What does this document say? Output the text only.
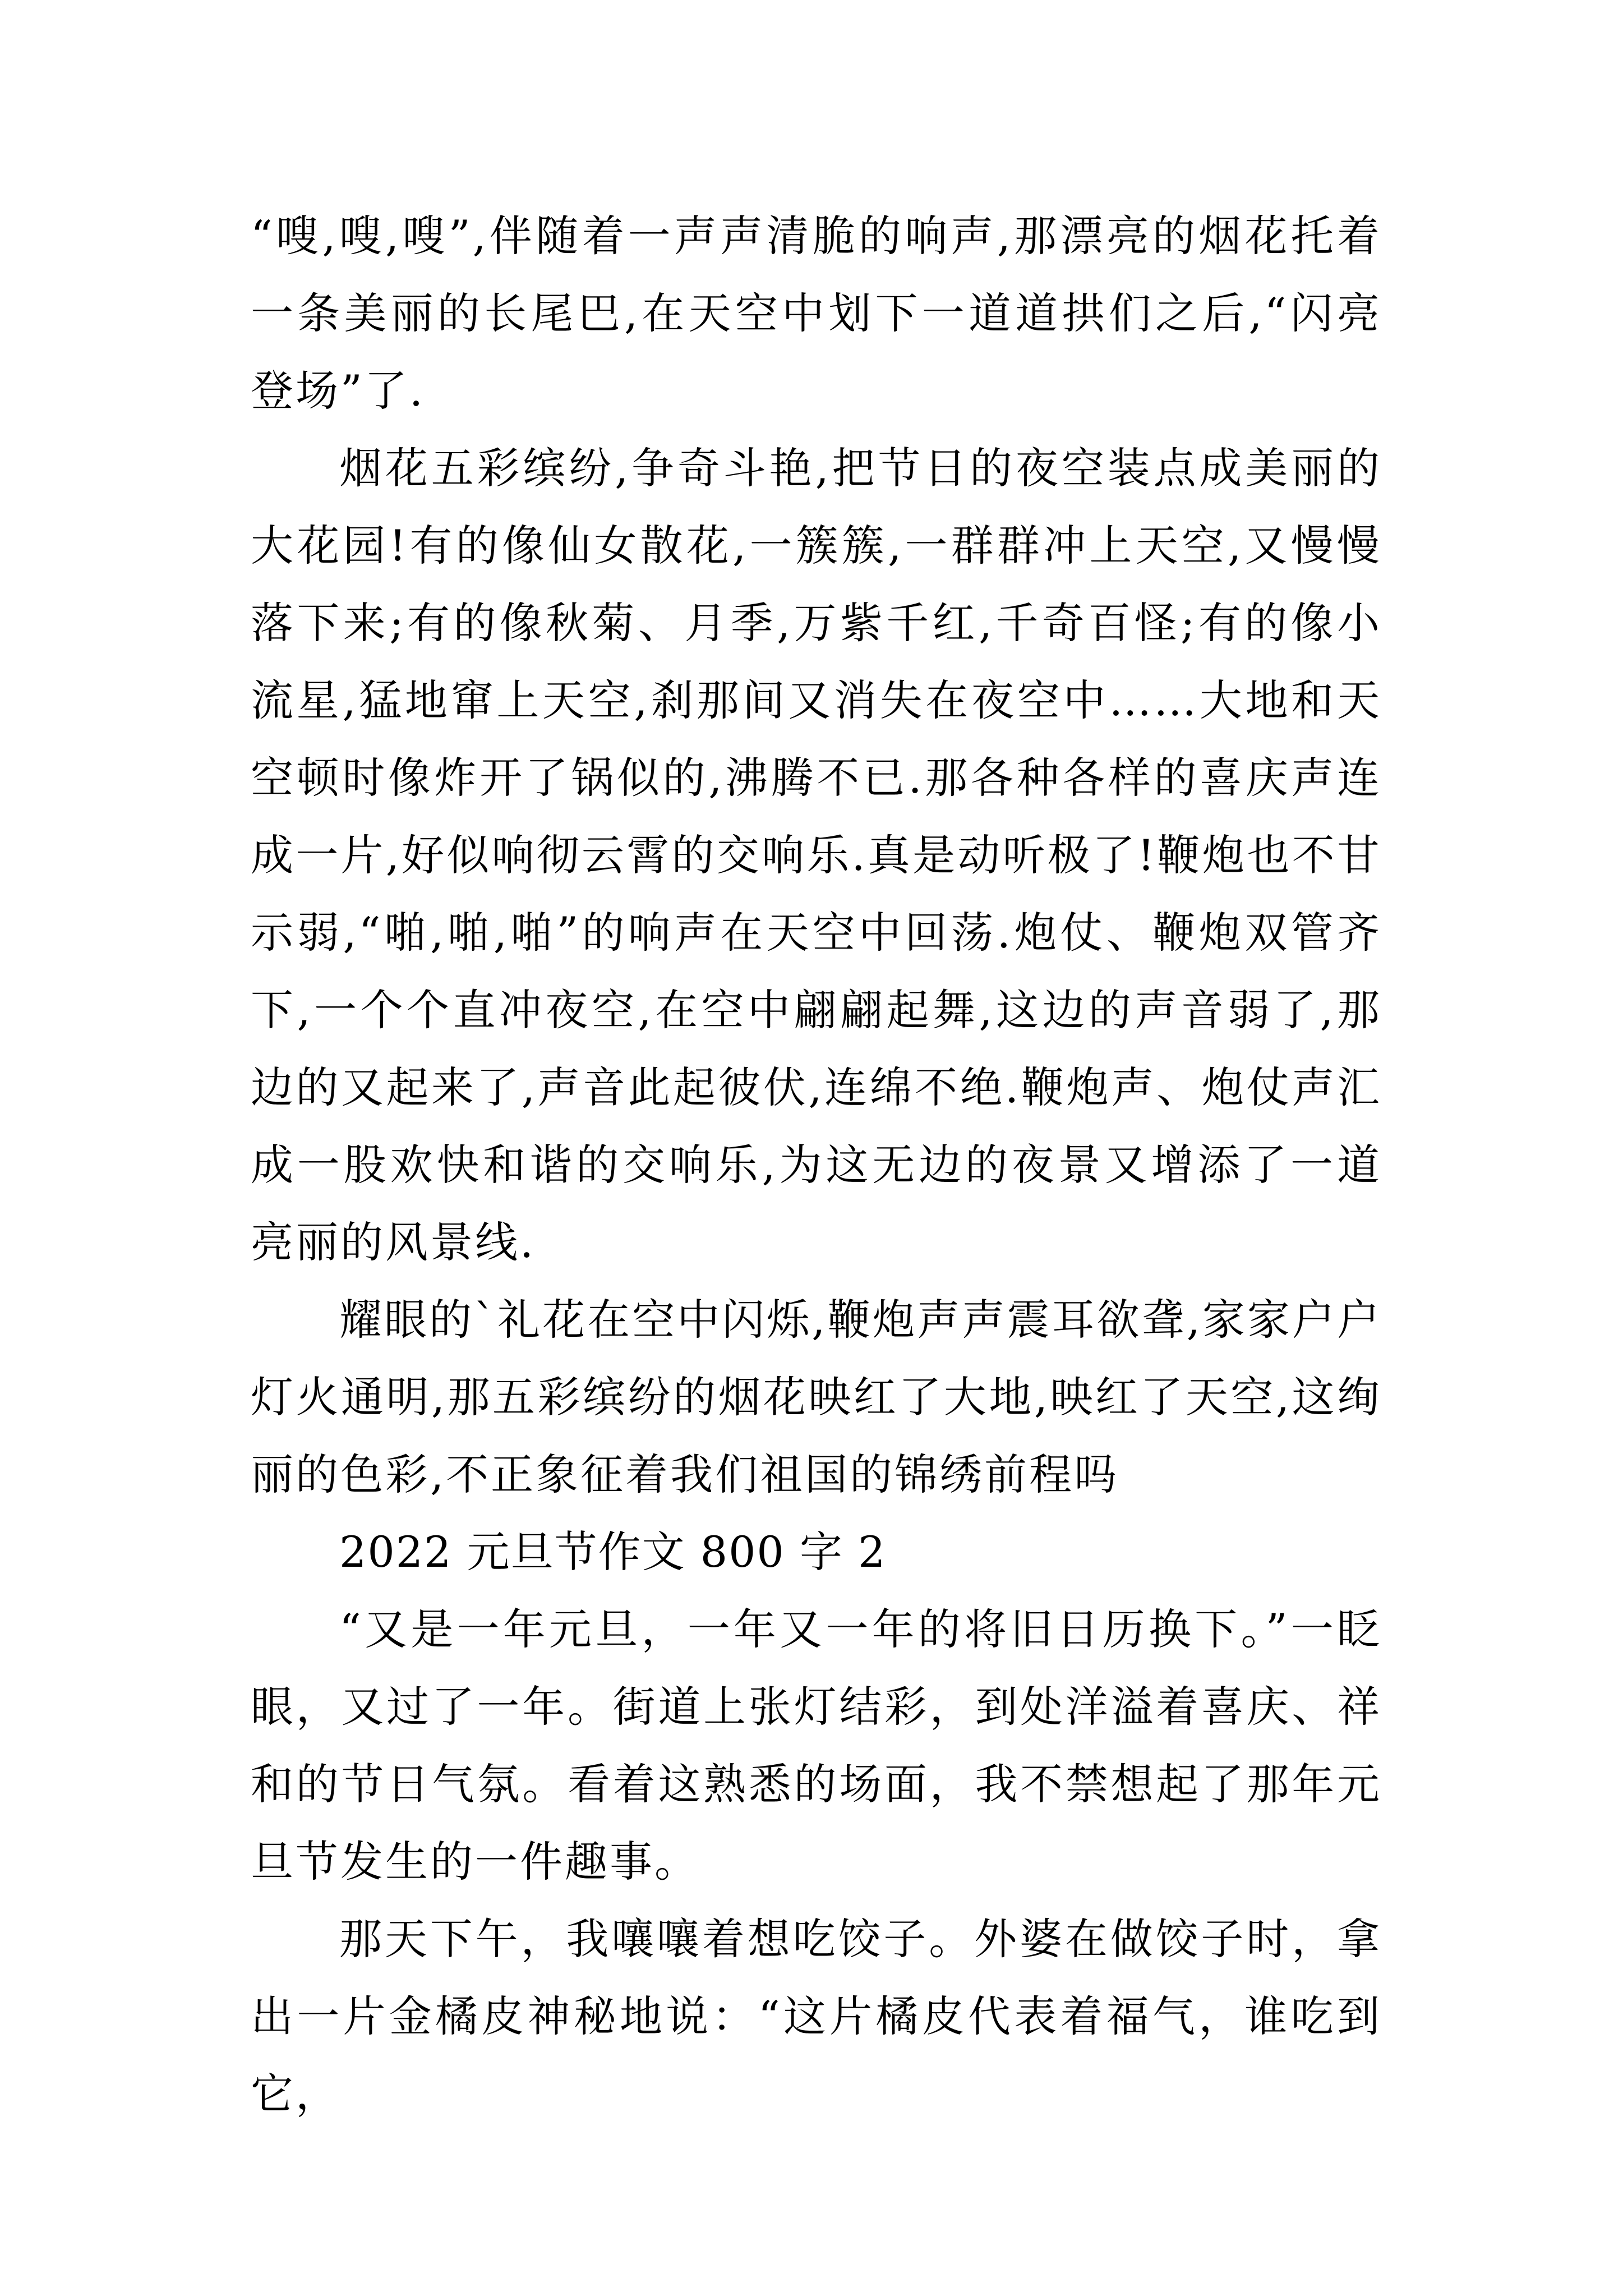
“嗖,嗖,嗖”,伴随着一声声清脆的响声,那漂亮的烟花托着一条美丽的长尾巴,在天空中划下一道道拱们之后,“闪亮登场”了.

烟花五彩缤纷,争奇斗艳,把节日的夜空装点成美丽的大花园!有的像仙女散花,一簇簇,一群群冲上天空,又慢慢落下来;有的像秋菊、月季,万紫千红,千奇百怪;有的像小流星,猛地窜上天空,刹那间又消失在夜空中……大地和天空顿时像炸开了锅似的,沸腾不已.那各种各样的喜庆声连成一片,好似响彻云霄的交响乐.真是动听极了!鞭炮也不甘示弱,“啪,啪,啪”的响声在天空中回荡.炮仗、鞭炮双管齐下,一个个直冲夜空,在空中翩翩起舞,这边的声音弱了,那边的又起来了,声音此起彼伏,连绵不绝.鞭炮声、炮仗声汇成一股欢快和谐的交响乐,为这无边的夜景又增添了一道亮丽的风景线.

耀眼的`礼花在空中闪烁,鞭炮声声震耳欲聋,家家户户灯火通明,那五彩缤纷的烟花映红了大地,映红了天空,这绚丽的色彩,不正象征着我们祖国的锦绣前程吗

2022 元旦节作文 800 字 2

“又是一年元旦，一年又一年的将旧日历换下。”一眨眼，又过了一年。街道上张灯结彩，到处洋溢着喜庆、祥和的节日气氛。看着这熟悉的场面，我不禁想起了那年元旦节发生的一件趣事。

那天下午，我嚷嚷着想吃饺子。外婆在做饺子时，拿出一片金橘皮神秘地说：“这片橘皮代表着福气，谁吃到它，
